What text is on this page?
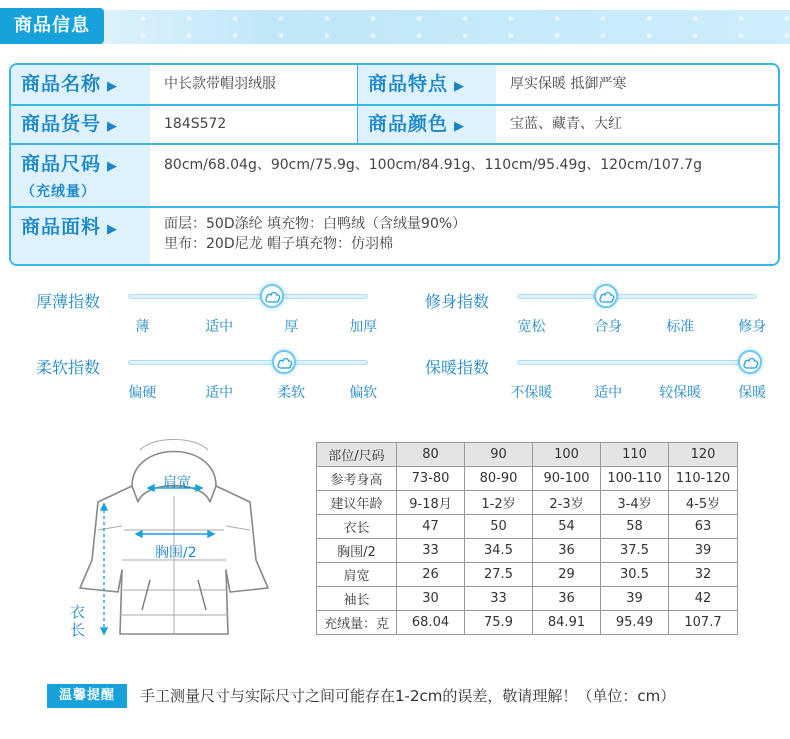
商品信息
商品名称 ▶	中长款带帽羽绒服	商品特点 ▶	厚实保暖 抵御严寒
商品货号 ▶	184S572	商品颜色 ▶	宝蓝、藏青、大红
商品尺码 ▶
（充绒量）
80cm/68.04g、90cm/75.9g、100cm/84.91g、110cm/95.49g、120cm/107.7g
商品面料 ▶	面层：50D涤纶 填充物：白鸭绒（含绒量90%）
里布：20D尼龙 帽子填充物：仿羽棉
厚薄指数
薄	适中	厚	加厚
修身指数
宽松	合身	标准	修身
柔软指数
偏硬	适中	柔软	偏软
保暖指数
不保暖	适中	较保暖	保暖
肩宽
胸围/2
衣长
部位/尺码	80	90	100	110	120
参考身高	73-80	80-90	90-100	100-110	110-120
建议年龄	9-18月	1-2岁	2-3岁	3-4岁	4-5岁
衣长	47	50	54	58	63
胸围/2	33	34.5	36	37.5	39
肩宽	26	27.5	29	30.5	32
袖长	30	33	36	39	42
充绒量：克	68.04	75.9	84.91	95.49	107.7
温馨提醒	手工测量尺寸与实际尺寸之间可能存在1-2cm的误差，敬请理解！（单位：cm）
